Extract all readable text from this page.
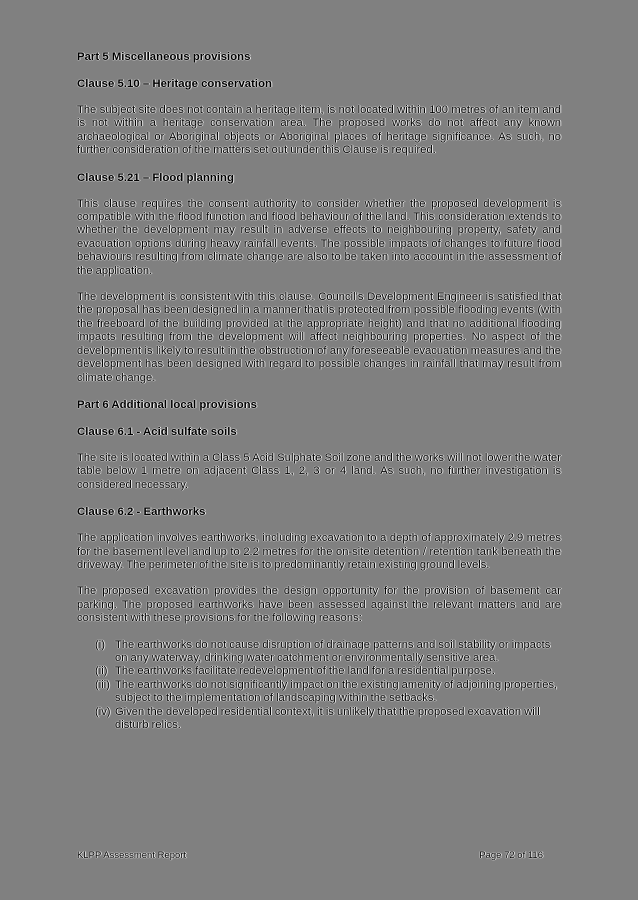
Part 5 Miscellaneous provisions
Clause 5.10 – Heritage conservation

The subject site does not contain a heritage item, is not located within 100 metres of an item and is not within a heritage conservation area. The proposed works do not affect any known archaeological or Aboriginal objects or Aboriginal places of heritage significance. As such, no further consideration of the matters set out under this Clause is required.

Clause 5.21 – Flood planning

This clause requires the consent authority to consider whether the proposed development is compatible with the flood function and flood behaviour of the land. This consideration extends to whether the development may result in adverse effects to neighbouring property, safety and evacuation options during heavy rainfall events. The possible impacts of changes to future flood behaviours resulting from climate change are also to be taken into account in the assessment of the application.

The development is consistent with this clause. Council’s Development Engineer is satisfied that the proposal has been designed in a manner that is protected from possible flooding events (with the freeboard of the building provided at the appropriate height) and that no additional flooding impacts resulting from the development will affect neighbouring properties. No aspect of the development is likely to result in the obstruction of any foreseeable evacuation measures and the development has been designed with regard to possible changes in rainfall that may result from climate change.

Part 6 Additional local provisions
Clause 6.1 - Acid sulfate soils

The site is located within a Class 5 Acid Sulphate Soil zone and the works will not lower the water table below 1 metre on adjacent Class 1, 2, 3 or 4 land. As such, no further investigation is considered necessary.

Clause 6.2 - Earthworks

The application involves earthworks, including excavation to a depth of approximately 2.9 metres for the basement level and up to 2.2 metres for the on-site detention / retention tank beneath the driveway. The perimeter of the site is to predominantly retain existing ground levels.

The proposed excavation provides the design opportunity for the provision of basement car parking. The proposed earthworks have been assessed against the relevant matters and are consistent with these provisions for the following reasons:

(i) The earthworks do not cause disruption of drainage patterns and soil stability or impacts on any waterway, drinking water catchment or environmentally sensitive area.
(ii) The earthworks facilitate redevelopment of the land for a residential purpose.
(iii) The earthworks do not significantly impact on the existing amenity of adjoining properties, subject to the implementation of landscaping within the setbacks.
(iv) Given the developed residential context, it is unlikely that the proposed excavation will disturb relics.
KLPP Assessment Report	Page 72 of 116
